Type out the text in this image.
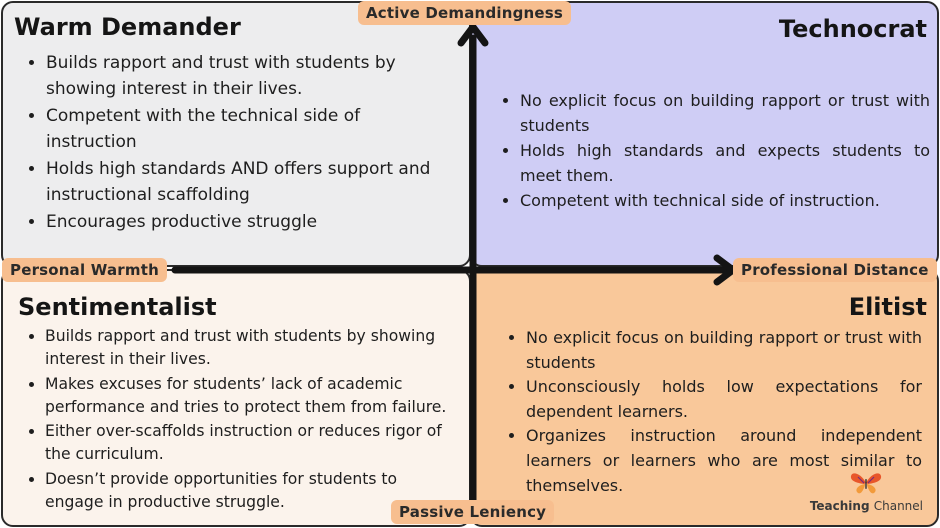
Warm Demander
• Builds rapport and trust with students by showing interest in their lives.
• Competent with the technical side of instruction
• Holds high standards AND offers support and instructional scaffolding
• Encourages productive struggle
Technocrat
• No explicit focus on building rapport or trust with students
• Holds high standards and expects students to meet them.
• Competent with technical side of instruction.
Sentimentalist
• Builds rapport and trust with students by showing interest in their lives.
• Makes excuses for students’ lack of academic performance and tries to protect them from failure.
• Either over-scaffolds instruction or reduces rigor of the curriculum.
• Doesn’t provide opportunities for students to engage in productive struggle.
Elitist
• No explicit focus on building rapport or trust with students
• Unconsciously holds low expectations for dependent learners.
• Organizes instruction around independent learners or learners who are most similar to themselves.
Teaching Channel
Active Demandingness
Passive Leniency
Personal Warmth	Professional Distance
